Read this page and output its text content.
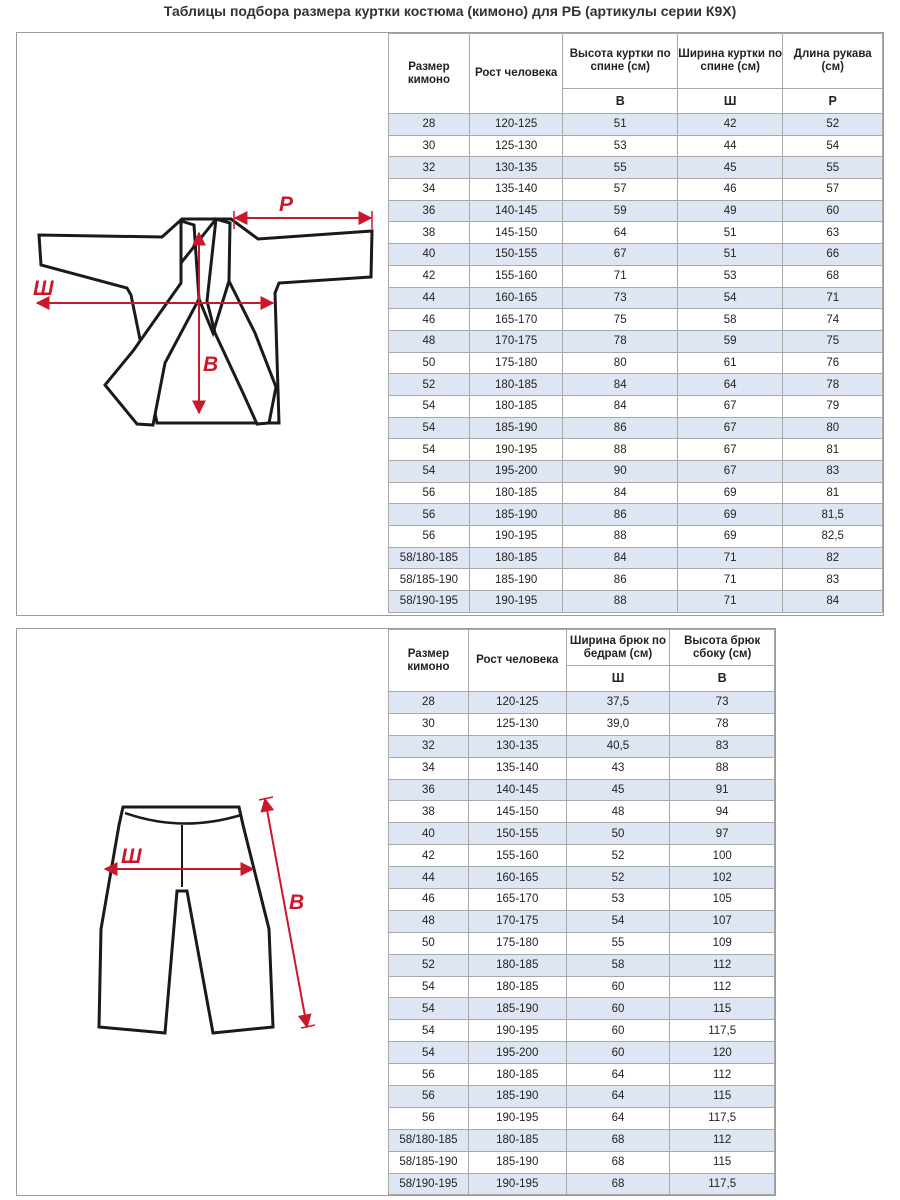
Таблицы подбора размера куртки костюма (кимоно) для РБ (артикулы серии К9Х)
Р
Ш
В
Размер кимоно	Рост человека	Высота куртки по спине (см)	Ширина куртки по спине (см)	Длина рукава (см)
		В	Ш	Р
28	120-125	51	42	52
30	125-130	53	44	54
32	130-135	55	45	55
34	135-140	57	46	57
36	140-145	59	49	60
38	145-150	64	51	63
40	150-155	67	51	66
42	155-160	71	53	68
44	160-165	73	54	71
46	165-170	75	58	74
48	170-175	78	59	75
50	175-180	80	61	76
52	180-185	84	64	78
54	180-185	84	67	79
54	185-190	86	67	80
54	190-195	88	67	81
54	195-200	90	67	83
56	180-185	84	69	81
56	185-190	86	69	81,5
56	190-195	88	69	82,5
58/180-185	180-185	84	71	82
58/185-190	185-190	86	71	83
58/190-195	190-195	88	71	84
Ш
В
Размер кимоно	Рост человека	Ширина брюк по бедрам (см)	Высота брюк сбоку (см)
		Ш	В
28	120-125	37,5	73
30	125-130	39,0	78
32	130-135	40,5	83
34	135-140	43	88
36	140-145	45	91
38	145-150	48	94
40	150-155	50	97
42	155-160	52	100
44	160-165	52	102
46	165-170	53	105
48	170-175	54	107
50	175-180	55	109
52	180-185	58	112
54	180-185	60	112
54	185-190	60	115
54	190-195	60	117,5
54	195-200	60	120
56	180-185	64	112
56	185-190	64	115
56	190-195	64	117,5
58/180-185	180-185	68	112
58/185-190	185-190	68	115
58/190-195	190-195	68	117,5
